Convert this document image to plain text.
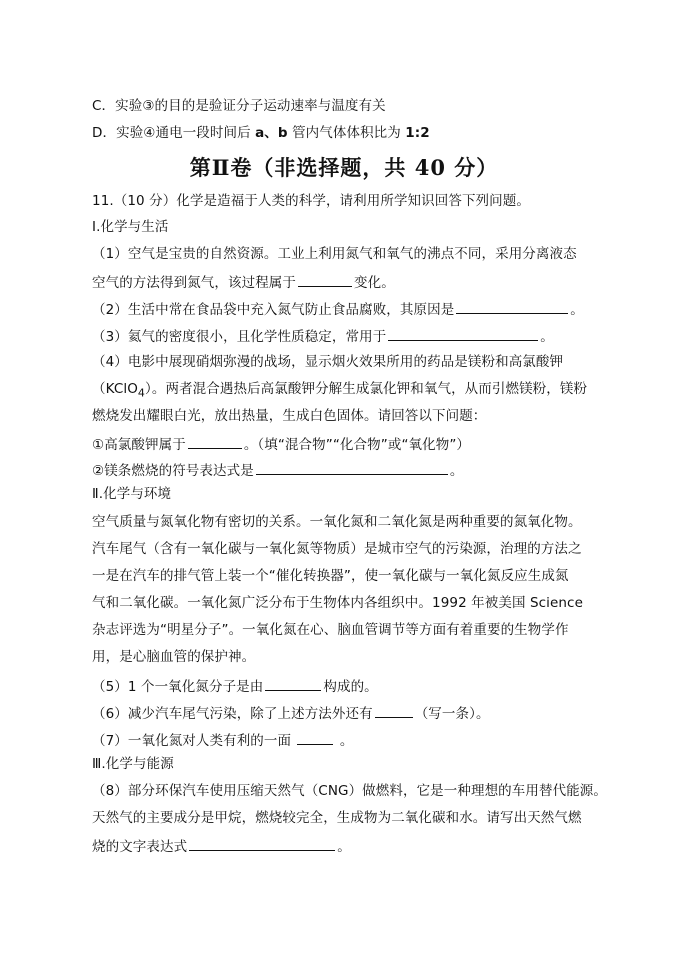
C．实验③的目的是验证分子运动速率与温度有关
D．实验④通电一段时间后 a、b 管内气体体积比为 1:2
第Ⅱ卷（非选择题，共 40 分）
11.（10 分）化学是造福于人类的科学，请利用所学知识回答下列问题。
Ⅰ.化学与生活
（1）空气是宝贵的自然资源。工业上利用氮气和氧气的沸点不同，采用分离液态
空气的方法得到氮气，该过程属于	变化。
（2）生活中常在食品袋中充入氮气防止食品腐败，其原因是	。
（3）氦气的密度很小，且化学性质稳定，常用于	。
（4）电影中展现硝烟弥漫的战场，显示烟火效果所用的药品是镁粉和高氯酸钾
（KClO$_4$）。两者混合遇热后高氯酸钾分解生成氯化钾和氧气，从而引燃镁粉，镁粉
燃烧发出耀眼白光，放出热量，生成白色固体。请回答以下问题：
①高氯酸钾属于	。（填“混合物”“化合物”或“氧化物”）
②镁条燃烧的符号表达式是	。
Ⅱ.化学与环境
空气质量与氮氧化物有密切的关系。一氧化氮和二氧化氮是两种重要的氮氧化物。
汽车尾气（含有一氧化碳与一氧化氮等物质）是城市空气的污染源，治理的方法之
一是在汽车的排气管上装一个“催化转换器”，使一氧化碳与一氧化氮反应生成氮
气和二氧化碳。一氧化氮广泛分布于生物体内各组织中。1992 年被美国 Science
杂志评选为“明星分子”。一氧化氮在心、脑血管调节等方面有着重要的生物学作
用，是心脑血管的保护神。
（5）1 个一氧化氮分子是由	构成的。
（6）减少汽车尾气污染，除了上述方法外还有	（写一条）。
（7）一氧化氮对人类有利的一面	。
Ⅲ.化学与能源
（8）部分环保汽车使用压缩天然气（CNG）做燃料，它是一种理想的车用替代能源。
天然气的主要成分是甲烷，燃烧较完全，生成物为二氧化碳和水。请写出天然气燃
烧的文字表达式	。
